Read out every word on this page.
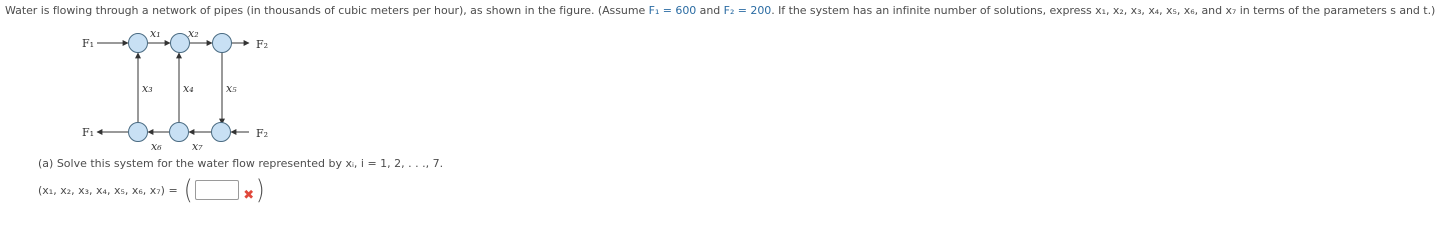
Water is flowing through a network of pipes (in thousands of cubic meters per hour), as shown in the figure. (Assume F₁ = 600 and F₂ = 200. If the system has an infinite number of solutions, express x₁, x₂, x₃, x₄, x₅, x₆, and x₇ in terms of the parameters s and t.)
F₁	F₂
F₁	F₂
x₁ x₂
x₃	x₄	x₅
x₆	x₇
(a) Solve this system for the water flow represented by xᵢ, i = 1, 2, . . ., 7.
(x₁, x₂, x₃, x₄, x₅, x₆, x₇) = (	✖ )
